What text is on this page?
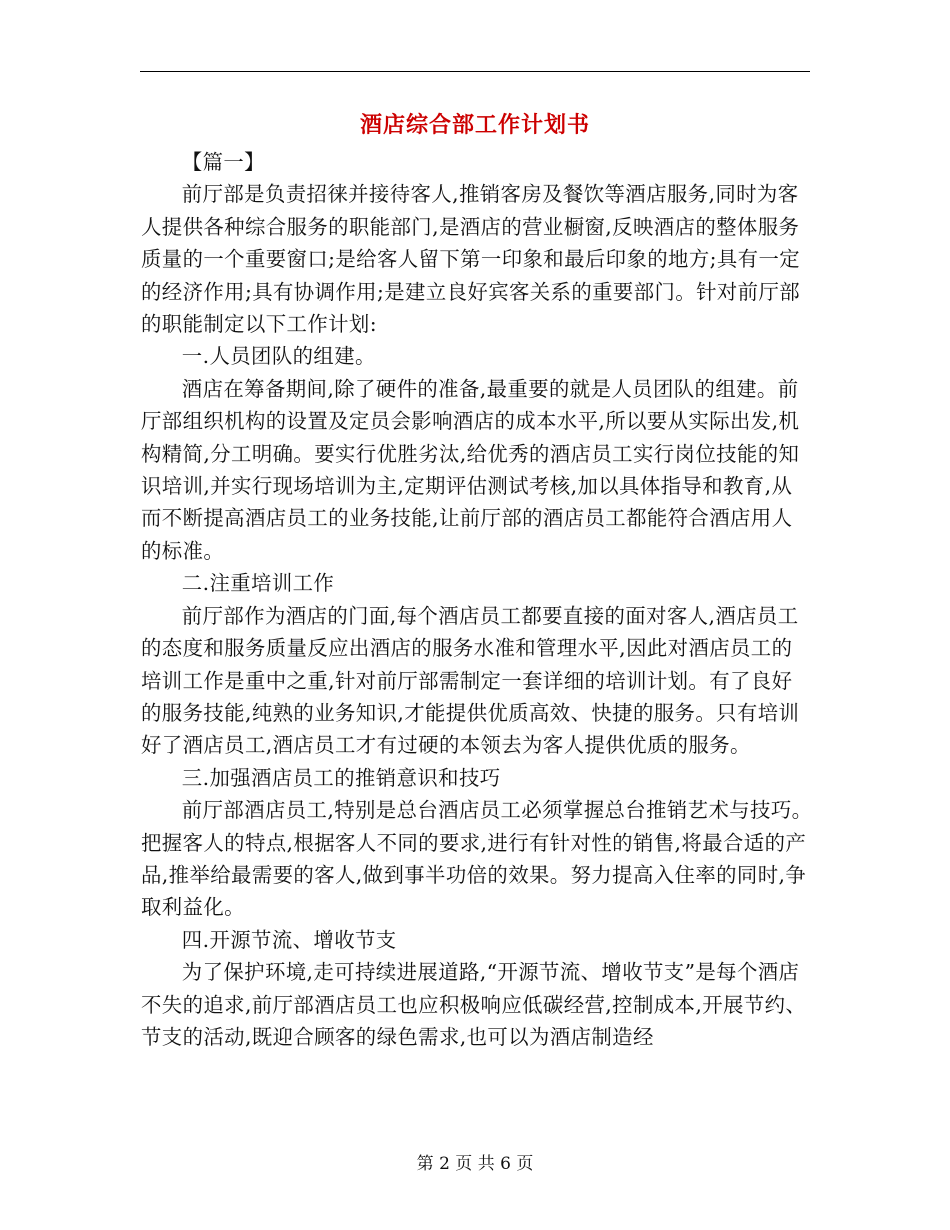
酒店综合部工作计划书

【篇一】

前厅部是负责招徕并接待客人,推销客房及餐饮等酒店服务,同时为客人提供各种综合服务的职能部门,是酒店的营业橱窗,反映酒店的整体服务质量的一个重要窗口;是给客人留下第一印象和最后印象的地方;具有一定的经济作用;具有协调作用;是建立良好宾客关系的重要部门。针对前厅部的职能制定以下工作计划:

一.人员团队的组建。

酒店在筹备期间,除了硬件的准备,最重要的就是人员团队的组建。前厅部组织机构的设置及定员会影响酒店的成本水平,所以要从实际出发,机构精简,分工明确。要实行优胜劣汰,给优秀的酒店员工实行岗位技能的知识培训,并实行现场培训为主,定期评估测试考核,加以具体指导和教育,从而不断提高酒店员工的业务技能,让前厅部的酒店员工都能符合酒店用人的标准。

二.注重培训工作

前厅部作为酒店的门面,每个酒店员工都要直接的面对客人,酒店员工的态度和服务质量反应出酒店的服务水准和管理水平,因此对酒店员工的培训工作是重中之重,针对前厅部需制定一套详细的培训计划。有了良好的服务技能,纯熟的业务知识,才能提供优质高效、快捷的服务。只有培训好了酒店员工,酒店员工才有过硬的本领去为客人提供优质的服务。

三.加强酒店员工的推销意识和技巧

前厅部酒店员工,特别是总台酒店员工必须掌握总台推销艺术与技巧。把握客人的特点,根据客人不同的要求,进行有针对性的销售,将最合适的产品,推举给最需要的客人,做到事半功倍的效果。努力提高入住率的同时,争取利益化。

四.开源节流、增收节支

为了保护环境,走可持续进展道路,“开源节流、增收节支”是每个酒店不失的追求,前厅部酒店员工也应积极响应低碳经营,控制成本,开展节约、节支的活动,既迎合顾客的绿色需求,也可以为酒店制造经

第 2 页 共 6 页
